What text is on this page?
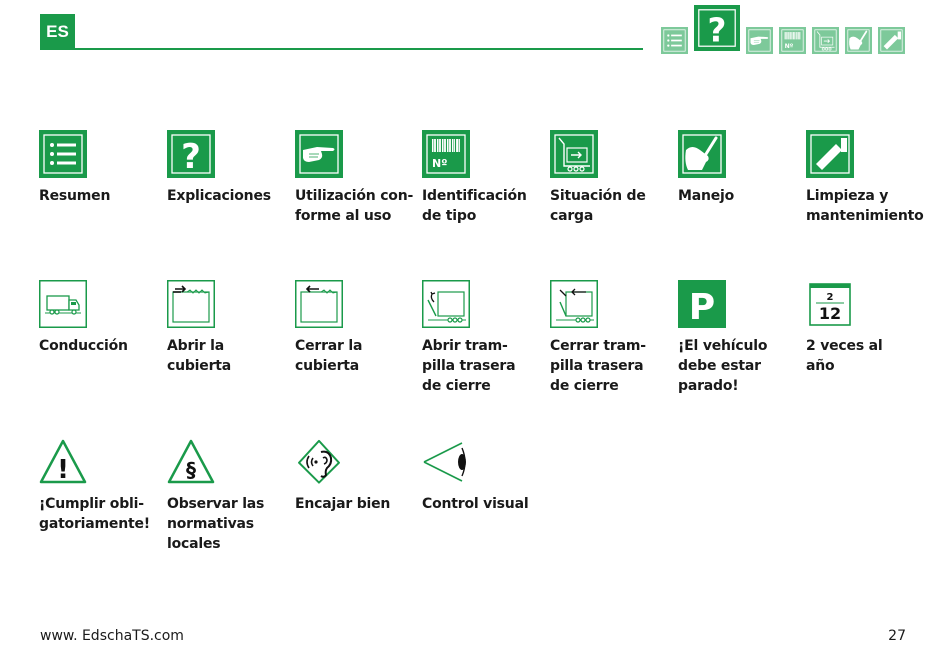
ES	?	Nº
Resumen
?
Explicaciones Utilización con-
forme al uso
Nº
Identificación
de tipo
Situación de
carga
Manejo	Limpieza y
mantenimiento
Conducción	Abrir la
cubierta
Cerrar la
cubierta
Abrir tram-
pilla trasera
de cierre
Cerrar tram-
pilla trasera
de cierre
P
¡El vehículo
debe estar
parado!
2
12
2 veces al
año
!
¡Cumplir obli-
gatoriamente!
§
Observar las
normativas
locales
Encajar bien Control visual
www. EdschaTS.com	27
